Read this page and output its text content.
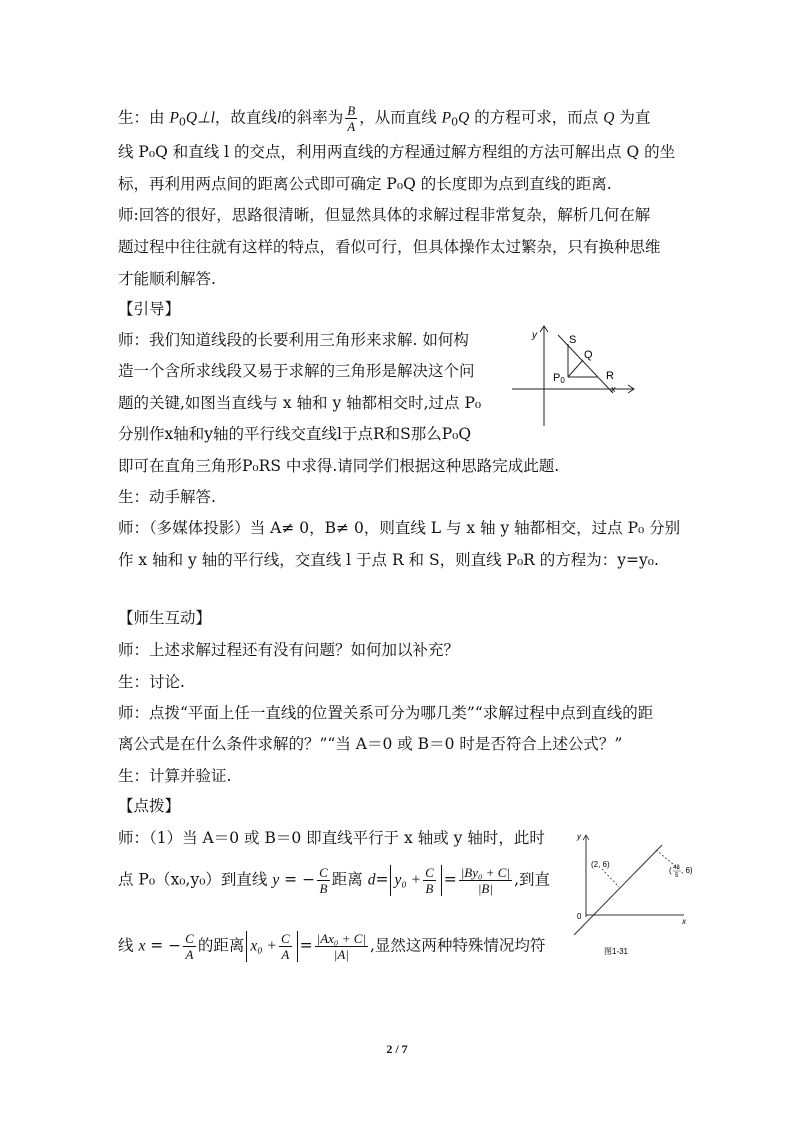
生：由 $P_0Q\perp l$，故直线l的斜率为 $\frac{B}{A}$ ，从而直线 $P_0Q$ 的方程可求，而点 Q 为直
线 P₀Q 和直线 l 的交点，利用两直线的方程通过解方程组的方法可解出点 Q 的坐
标，再利用两点间的距离公式即可确定 P₀Q 的长度即为点到直线的距离.
师:回答的很好，思路很清晰，但显然具体的求解过程非常复杂，解析几何在解
题过程中往往就有这样的特点，看似可行，但具体操作太过繁杂，只有换种思维
才能顺利解答.
【引导】
师：我们知道线段的长要利用三角形来求解. 如何构
造一个含所求线段又易于求解的三角形是解决这个问
题的关键,如图当直线与 x 轴和 y 轴都相交时,过点 P₀
分别作x轴和y轴的平行线交直线l于点R和S那么P₀Q
即可在直角三角形P₀RS 中求得.请同学们根据这种思路完成此题.
y
x
S
Q
P0	R
生：动手解答.
师：（多媒体投影）当 A≠ 0，B≠ 0，则直线 L 与 x 轴 y 轴都相交，过点 P₀ 分别
作 x 轴和 y 轴的平行线，交直线 l 于点 R 和 S，则直线 P₀R 的方程为：y=y₀.
【师生互动】
师：上述求解过程还有没有问题？如何加以补充？
生：讨论.
师：点拨“平面上任一直线的位置关系可分为哪几类”“求解过程中点到直线的距
离公式是在什么条件求解的？”“当 A＝0 或 B＝0 时是否符合上述公式？”
生：计算并验证.
【点拨】
师：（1）当 A＝0 或 B＝0 即直线平行于 x 轴或 y 轴时，此时
点 P₀（x₀,y₀）到直线 y = − $\frac{C}{B}$ 距离 $d= y_0 + \frac{C}{B} = \frac{\text{|By₀ + C|}}{|B|}$ ,到直
线 x = − $\frac{C}{A}$ 的距离 $x_0 + \frac{C}{A} = \frac{\text{|Ax₀ + C|}}{|A|}$ ,显然这两种特殊情况均符
y
x
0
(2, 6)
( 48
5
, 6)
图1-31
2 / 7
